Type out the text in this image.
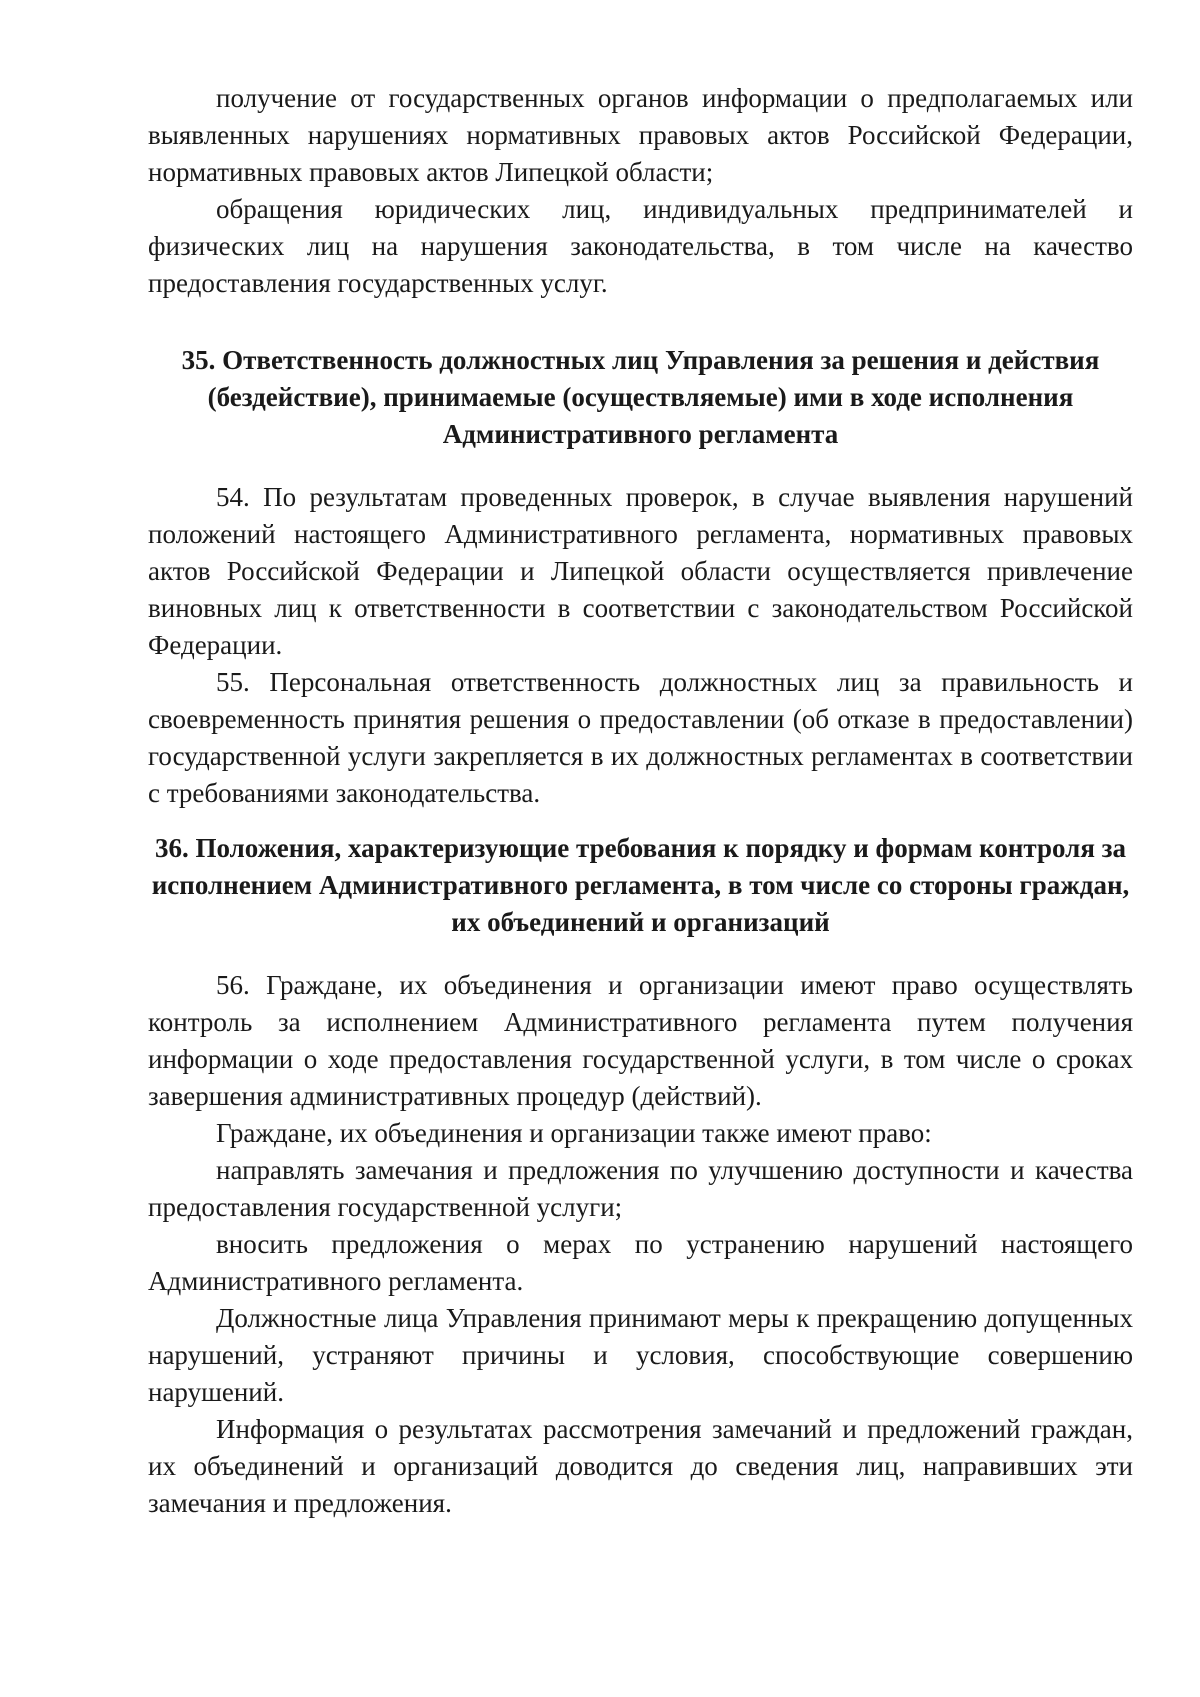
получение от государственных органов информации о предполагаемых или выявленных нарушениях нормативных правовых актов Российской Федерации, нормативных правовых актов Липецкой области;

обращения юридических лиц, индивидуальных предпринимателей и физических лиц на нарушения законодательства, в том числе на качество предоставления государственных услуг.

35. Ответственность должностных лиц Управления за решения и действия (бездействие), принимаемые (осуществляемые) ими в ходе исполнения Административного регламента

54. По результатам проведенных проверок, в случае выявления нарушений положений настоящего Административного регламента, нормативных правовых актов Российской Федерации и Липецкой области осуществляется привлечение виновных лиц к ответственности в соответствии с законодательством Российской Федерации.

55. Персональная ответственность должностных лиц за правильность и своевременность принятия решения о предоставлении (об отказе в предоставлении) государственной услуги закрепляется в их должностных регламентах в соответствии с требованиями законодательства.

36. Положения, характеризующие требования к порядку и формам контроля за исполнением Административного регламента, в том числе со стороны граждан, их объединений и организаций

56. Граждане, их объединения и организации имеют право осуществлять контроль за исполнением Административного регламента путем получения информации о ходе предоставления государственной услуги, в том числе о сроках завершения административных процедур (действий).

Граждане, их объединения и организации также имеют право:

направлять замечания и предложения по улучшению доступности и качества предоставления государственной услуги;

вносить предложения о мерах по устранению нарушений настоящего Административного регламента.

Должностные лица Управления принимают меры к прекращению допущенных нарушений, устраняют причины и условия, способствующие совершению нарушений.

Информация о результатах рассмотрения замечаний и предложений граждан, их объединений и организаций доводится до сведения лиц, направивших эти замечания и предложения.
